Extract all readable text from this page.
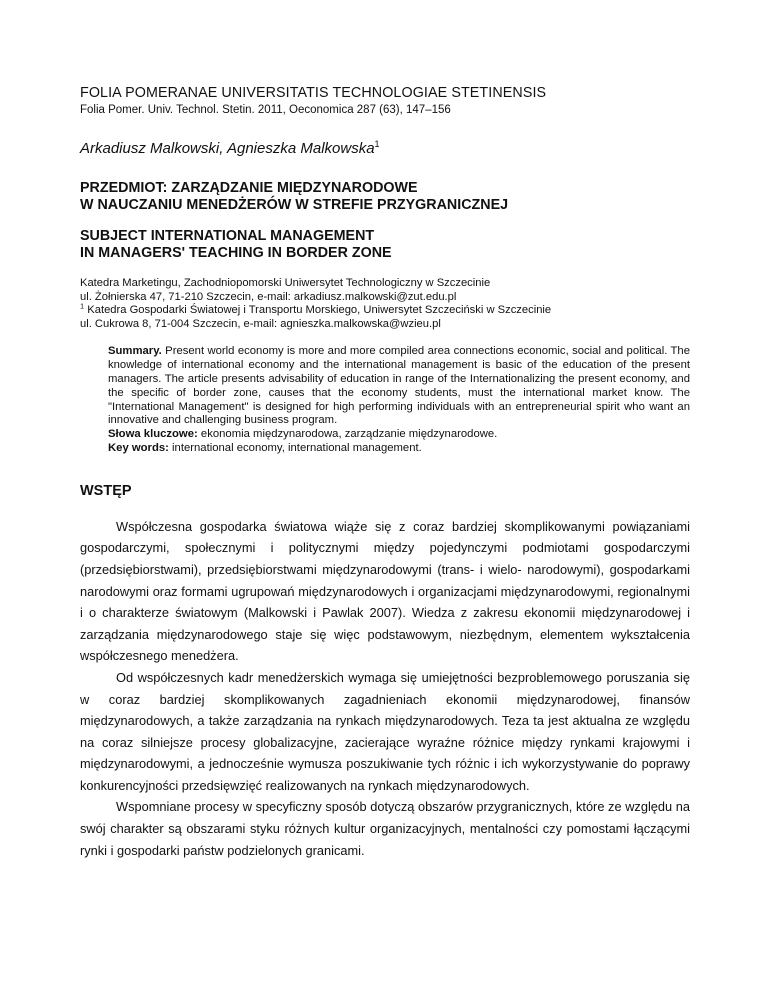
FOLIA POMERANAE UNIVERSITATIS TECHNOLOGIAE STETINENSIS

Folia Pomer. Univ. Technol. Stetin. 2011, Oeconomica 287 (63), 147–156

Arkadiusz Malkowski, Agnieszka Malkowska$^1$

PRZEDMIOT: ZARZĄDZANIE MIĘDZYNARODOWE
W NAUCZANIU MENEDŻERÓW W STREFIE PRZYGRANICZNEJ
SUBJECT INTERNATIONAL MANAGEMENT
IN MANAGERS' TEACHING IN BORDER ZONE
Katedra Marketingu, Zachodniopomorski Uniwersytet Technologiczny w Szczecinie
ul. Żołnierska 47, 71-210 Szczecin, e-mail: arkadiusz.malkowski@zut.edu.pl
$^1$ Katedra Gospodarki Światowej i Transportu Morskiego, Uniwersytet Szczeciński w Szczecinie
ul. Cukrowa 8, 71-004 Szczecin, e-mail: agnieszka.malkowska@wzieu.pl

Summary. Present world economy is more and more compiled area connections economic, social and political. The knowledge of international economy and the international management is basic of the education of the present managers. The article presents advisability of education in range of the Internationalizing the present economy, and the specific of border zone, causes that the economy students, must the international market know. The "International Management" is designed for high performing individuals with an entrepreneurial spirit who want an innovative and challenging business program.

Słowa kluczowe: ekonomia międzynarodowa, zarządzanie międzynarodowe.

Key words: international economy, international management.

WSTĘP

Współczesna gospodarka światowa wiąże się z coraz bardziej skomplikowanymi powiązaniami gospodarczymi, społecznymi i politycznymi między pojedynczymi podmiotami gospodarczymi (przedsiębiorstwami), przedsiębiorstwami międzynarodowymi (trans- i wielo- narodowymi), gospodarkami narodowymi oraz formami ugrupowań międzynarodowych i organizacjami międzynarodowymi, regionalnymi i o charakterze światowym (Malkowski i Pawlak 2007). Wiedza z zakresu ekonomii międzynarodowej i zarządzania międzynarodowego staje się więc podstawowym, niezbędnym, elementem wykształcenia współczesnego menedżera.

Od współczesnych kadr menedżerskich wymaga się umiejętności bezproblemowego poruszania się w coraz bardziej skomplikowanych zagadnieniach ekonomii międzynarodowej, finansów międzynarodowych, a także zarządzania na rynkach międzynarodowych. Teza ta jest aktualna ze względu na coraz silniejsze procesy globalizacyjne, zacierające wyraźne różnice między rynkami krajowymi i międzynarodowymi, a jednocześnie wymusza poszukiwanie tych różnic i ich wykorzystywanie do poprawy konkurencyjności przedsięwzięć realizowanych na rynkach międzynarodowych.

Wspomniane procesy w specyficzny sposób dotyczą obszarów przygranicznych, które ze względu na swój charakter są obszarami styku różnych kultur organizacyjnych, mentalności czy pomostami łączącymi rynki i gospodarki państw podzielonych granicami.
